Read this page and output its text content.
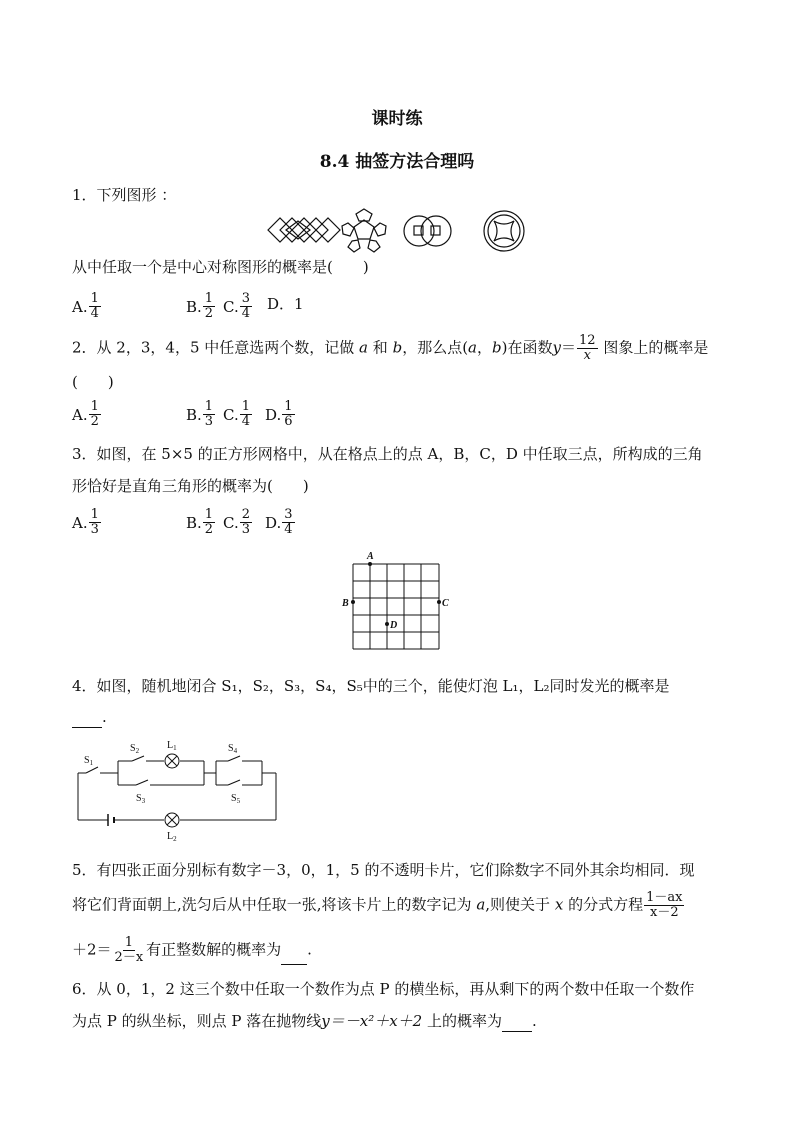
课时练
8.4 抽签方法合理吗
1．下列图形 ：
从中任取一个是中心对称图形的概率是(　　)
A. $\frac{1}{4}$	B. $\frac{1}{2} C$. $\frac{3}{4}$ D．1
2．从 2，3，4，5 中任意选两个数，记做 a 和 b，那么点(a，b)在函数$y= \frac{12}{x}$ 图象上的概率是
(　　)
A. $\frac{1}{2}$	B. $\frac{1}{3} C$. $\frac{1}{4} D$. $\frac{1}{6}$
3．如图，在 5×5 的正方形网格中，从在格点上的点 A，B，C，D 中任取三点，所构成的三角
形恰好是直角三角形的概率为(　　)
A. $\frac{1}{3}$	B. $\frac{1}{2} C$. $\frac{2}{3} D$. $\frac{3}{4}$
A
B	C
D
4．如图，随机地闭合 S₁，S₂，S₃，S₄，S₅中的三个，能使灯泡 L₁，L₂同时发光的概率是
.
$S_1$
$S_2$	$L_1$
$S_3$
$S_4$
$S_5$
$L_2$
5．有四张正面分别标有数字－3，0，1，5 的不透明卡片，它们除数字不同外其余均相同．现
将它们背面朝上,洗匀后从中任取一张,将该卡片上的数字记为 a,则使关于 x 的分式方程 $\frac{1-ax}{x-2}$
$+2= \frac{1}{2-x}$ 有正整数解的概率为 .
6．从 0，1，2 这三个数中任取一个数作为点 P 的横坐标，再从剩下的两个数中任取一个数作
为点 P 的纵坐标，则点 P 落在抛物线y＝－x²＋x＋2 上的概率为 .
